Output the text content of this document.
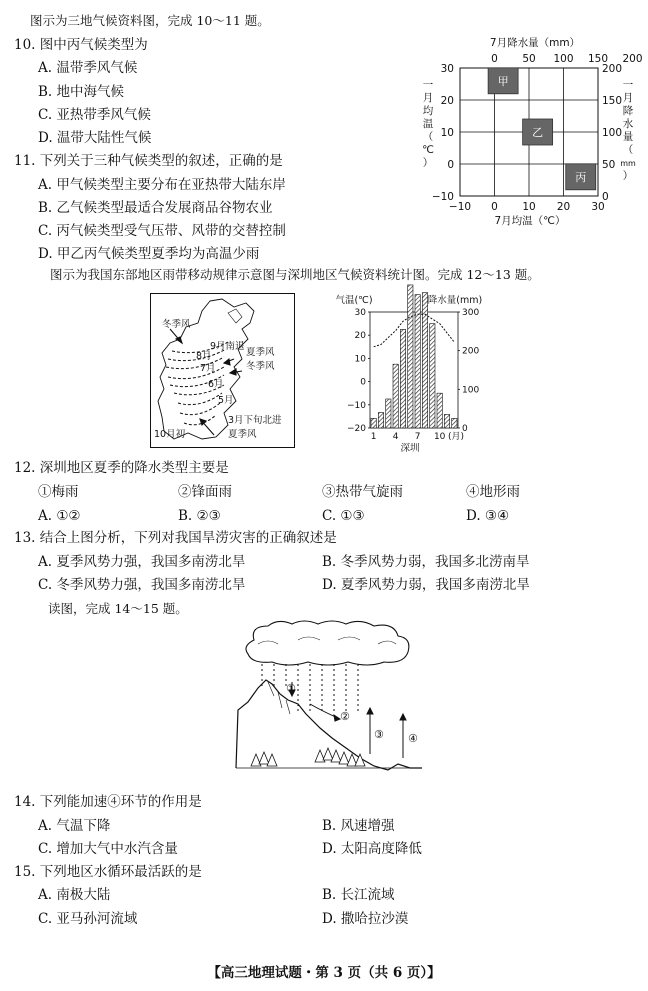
图示为三地气候资料图，完成 10～11 题。
10. 图中丙气候类型为
A. 温带季风气候
B. 地中海气候
C. 亚热带季风气候
D. 温带大陆性气候
11. 下列关于三种气候类型的叙述，正确的是
A. 甲气候类型主要分布在亚热带大陆东岸
B. 乙气候类型最适合发展商品谷物农业
C. 丙气候类型受气压带、风带的交替控制
D. 甲乙丙气候类型夏季均为高温少雨
7月降水量（mm）
0 50 100 150 200
−10 0 10 20 30
30
20
10
0
−10
200
150
100
50
0
一
月
均
温
（
℃
）
一
月
降
水
量
（
mm
）
甲
乙
丙
7月均温（℃）
图示为我国东部地区雨带移动规律示意图与深圳地区气候资料统计图。完成 12～13 题。
冬季风
9月南退
8月
7月
夏季风
冬季风
6月
5月
3月下旬北进
10月初	夏季风
气温(℃)	降水量(mm)
30
20
10
0
−10
−20
300
200
100
0
1 4 7 10 (月)
深圳
12. 深圳地区夏季的降水类型主要是
①梅雨	②锋面雨	③热带气旋雨	④地形雨
A. ①②	B. ②③	C. ①③	D. ③④
13. 结合上图分析，下列对我国旱涝灾害的正确叙述是
A. 夏季风势力强，我国多南涝北旱	B. 冬季风势力弱，我国多北涝南旱
C. 冬季风势力强，我国多南涝北旱	D. 夏季风势力弱，我国多南涝北旱
读图，完成 14～15 题。
①
②
③ ④
14. 下列能加速④环节的作用是
A. 气温下降	B. 风速增强
C. 增加大气中水汽含量	D. 太阳高度降低
15. 下列地区水循环最活跃的是
A. 南极大陆	B. 长江流域
C. 亚马孙河流域	D. 撒哈拉沙漠
【高三地理试题・第 3 页（共 6 页）】
